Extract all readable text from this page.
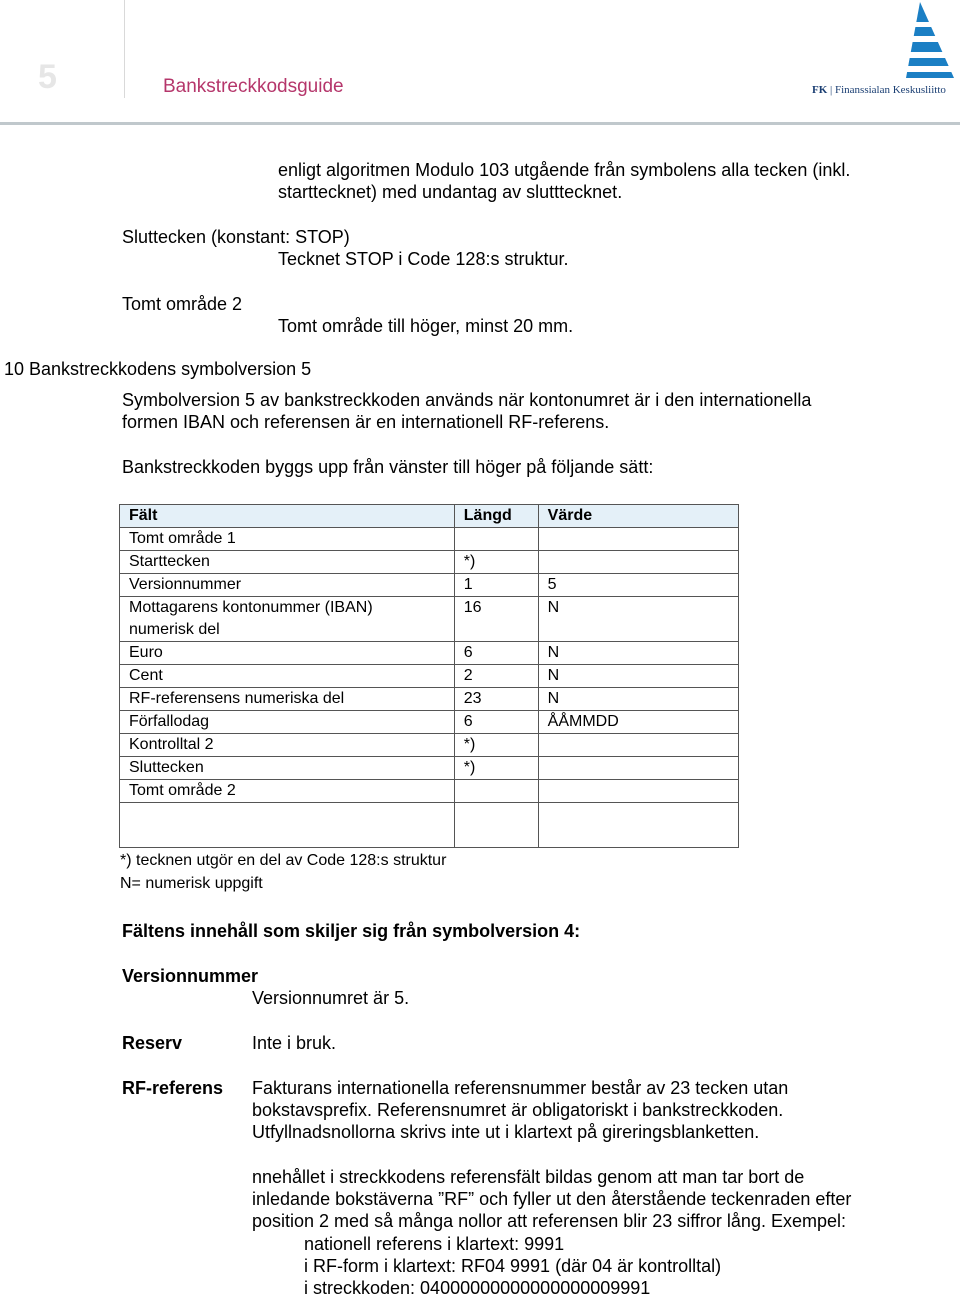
5	Bankstreckkodsguide	FK | Finanssialan Keskusliitto
enligt algoritmen Modulo 103 utgående från symbolens alla tecken (inkl.
starttecknet) med undantag av slutttecknet.
Sluttecken (konstant: STOP)
Tecknet STOP i Code 128:s struktur.
Tomt område 2
Tomt område till höger, minst 20 mm.
10 Bankstreckkodens symbolversion 5
Symbolversion 5 av bankstreckkoden används när kontonumret är i den internationella
formen IBAN och referensen är en internationell RF-referens.
Bankstreckkoden byggs upp från vänster till höger på följande sätt:
Fält	Längd	Värde
Tomt område 1		
Starttecken	*)	
Versionnummer	1	5
Mottagarens kontonummer (IBAN)
numerisk del	16	N
Euro	6	N
Cent	2	N
RF-referensens numeriska del	23	N
Förfallodag	6	ÅÅMMDD
Kontrolltal 2	*)	
Sluttecken	*)	
Tomt område 2		

*) tecknen utgör en del av Code 128:s struktur
N= numerisk uppgift
Fältens innehåll som skiljer sig från symbolversion 4:
Versionnummer
Versionnumret är 5.
Reserv	Inte i bruk.
RF-referens Fakturans internationella referensnummer består av 23 tecken utan
bokstavsprefix. Referensnumret är obligatoriskt i bankstreckkoden.
Utfyllnadsnollorna skrivs inte ut i klartext på gireringsblanketten.
nnehållet i streckkodens referensfält bildas genom att man tar bort de
inledande bokstäverna ”RF” och fyller ut den återstående teckenraden efter
position 2 med så många nollor att referensen blir 23 siffror lång. Exempel:
nationell referens i klartext: 9991
i RF-form i klartext: RF04 9991 (där 04 är kontrolltal)
i streckkoden: 04000000000000000009991
